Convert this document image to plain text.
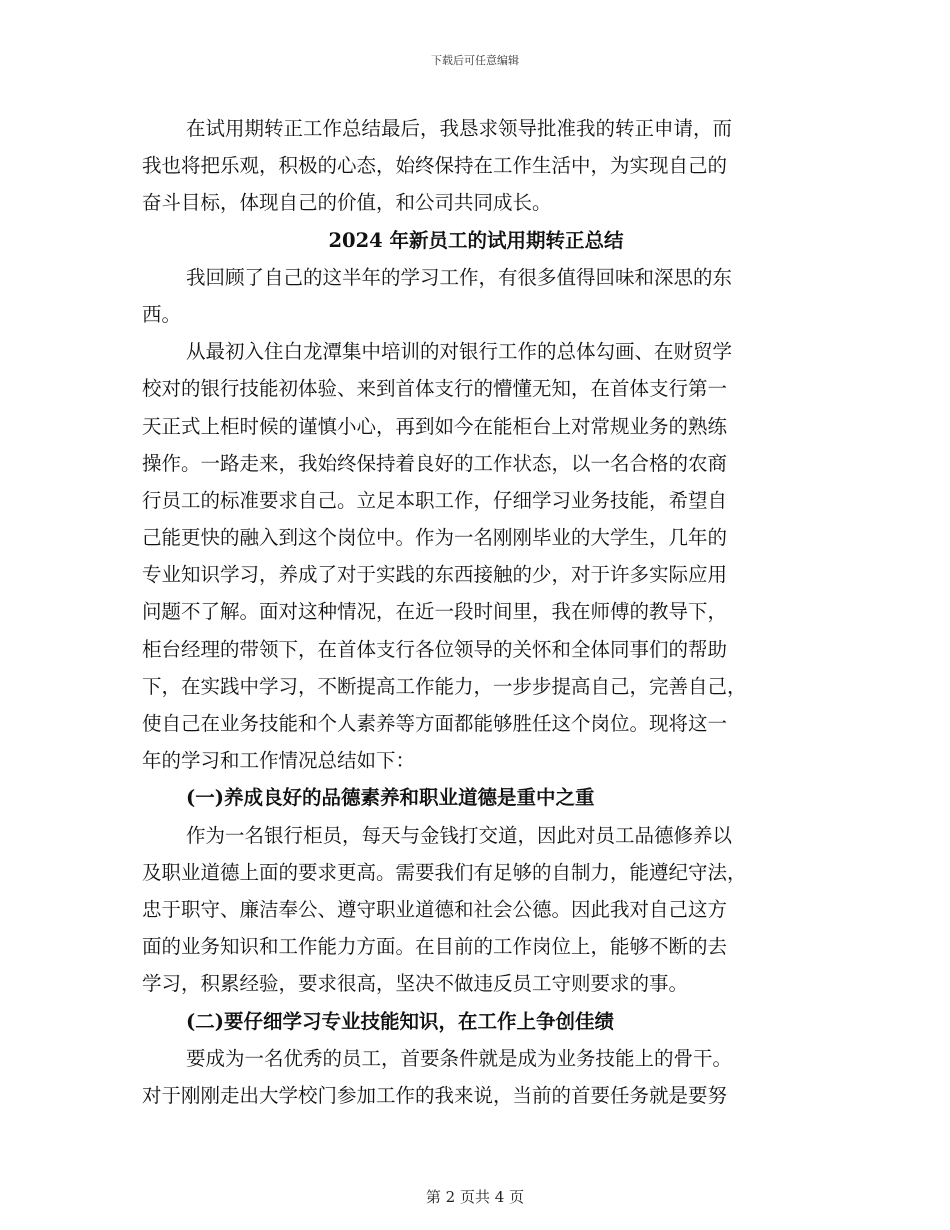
下载后可任意编辑
在试用期转正工作总结最后，我恳求领导批准我的转正申请，而
我也将把乐观，积极的心态，始终保持在工作生活中，为实现自己的
奋斗目标，体现自己的价值，和公司共同成长。
2024 年新员工的试用期转正总结
我回顾了自己的这半年的学习工作，有很多值得回味和深思的东
西。
从最初入住白龙潭集中培训的对银行工作的总体勾画、在财贸学
校对的银行技能初体验、来到首体支行的懵懂无知，在首体支行第一
天正式上柜时候的谨慎小心，再到如今在能柜台上对常规业务的熟练
操作。一路走来，我始终保持着良好的工作状态，以一名合格的农商
行员工的标准要求自己。立足本职工作，仔细学习业务技能，希望自
己能更快的融入到这个岗位中。作为一名刚刚毕业的大学生，几年的
专业知识学习，养成了对于实践的东西接触的少，对于许多实际应用
问题不了解。面对这种情况，在近一段时间里，我在师傅的教导下，
柜台经理的带领下，在首体支行各位领导的关怀和全体同事们的帮助
下，在实践中学习，不断提高工作能力，一步步提高自己，完善自己，
使自己在业务技能和个人素养等方面都能够胜任这个岗位。现将这一
年的学习和工作情况总结如下：
(一)养成良好的品德素养和职业道德是重中之重
作为一名银行柜员，每天与金钱打交道，因此对员工品德修养以
及职业道德上面的要求更高。需要我们有足够的自制力，能遵纪守法，
忠于职守、廉洁奉公、遵守职业道德和社会公德。因此我对自己这方
面的业务知识和工作能力方面。在目前的工作岗位上，能够不断的去
学习，积累经验，要求很高，坚决不做违反员工守则要求的事。
(二)要仔细学习专业技能知识，在工作上争创佳绩
要成为一名优秀的员工，首要条件就是成为业务技能上的骨干。
对于刚刚走出大学校门参加工作的我来说，当前的首要任务就是要努
第 2 页共 4 页
